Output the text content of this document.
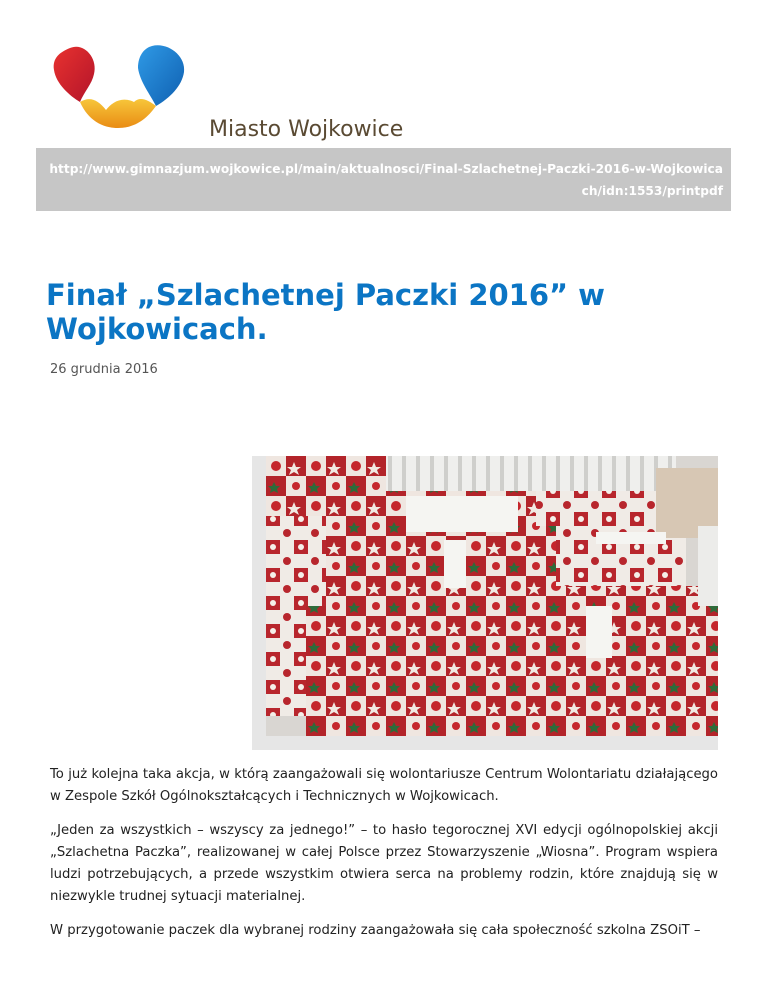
Miasto Wojkowice
http://www.gimnazjum.wojkowice.pl/main/aktualnosci/Final-Szlachetnej-Paczki-2016-w-Wojkowicach/idn:1553/printpdf
Finał „Szlachetnej Paczki 2016” w Wojkowicach.
26 grudnia 2016

To już kolejna taka akcja, w którą zaangażowali się wolontariusze Centrum Wolontariatu działającego w Zespole Szkół Ogólnokształcących i Technicznych w Wojkowicach.

„Jeden za wszystkich – wszyscy za jednego!” – to hasło tegorocznej XVI edycji ogólnopolskiej akcji „Szlachetna Paczka”, realizowanej w całej Polsce przez Stowarzyszenie „Wiosna”. Program wspiera ludzi potrzebujących, a przede wszystkim otwiera serca na problemy rodzin, które znajdują się w niezwykle trudnej sytuacji materialnej.

W przygotowanie paczek dla wybranej rodziny zaangażowała się cała społeczność szkolna ZSOiT –
